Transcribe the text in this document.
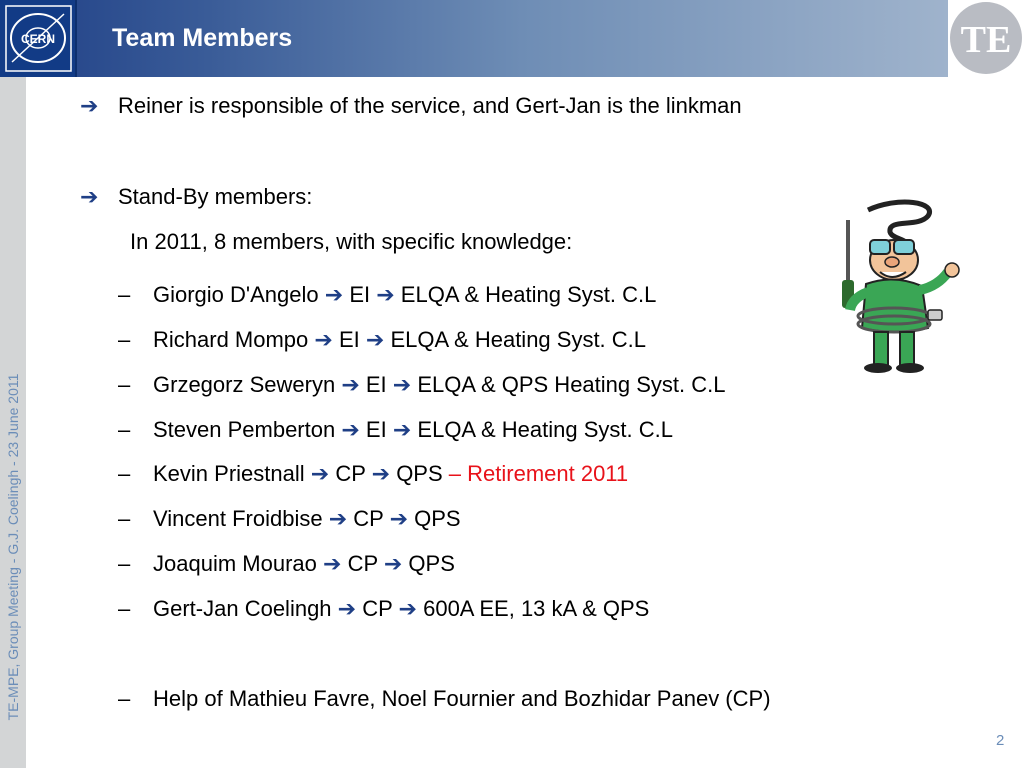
CERN Team Members	TE
TE-MPE, Group Meeting - G.J. Coelingh - 23 June 2011
➔ Reiner is responsible of the service, and Gert-Jan is the linkman
➔ Stand-By members:
In 2011, 8 members, with specific knowledge:
– Giorgio D'Angelo ➔ EI ➔ ELQA & Heating Syst. C.L
– Richard Mompo ➔ EI ➔ ELQA & Heating Syst. C.L
– Grzegorz Seweryn ➔ EI ➔ ELQA & QPS Heating Syst. C.L
– Steven Pemberton ➔ EI ➔ ELQA & Heating Syst. C.L
– Kevin Priestnall ➔ CP ➔ QPS – Retirement 2011
– Vincent Froidbise ➔ CP ➔ QPS
– Joaquim Mourao ➔ CP ➔ QPS
– Gert-Jan Coelingh ➔ CP ➔ 600A EE, 13 kA & QPS
– Help of Mathieu Favre, Noel Fournier and Bozhidar Panev (CP)
2
